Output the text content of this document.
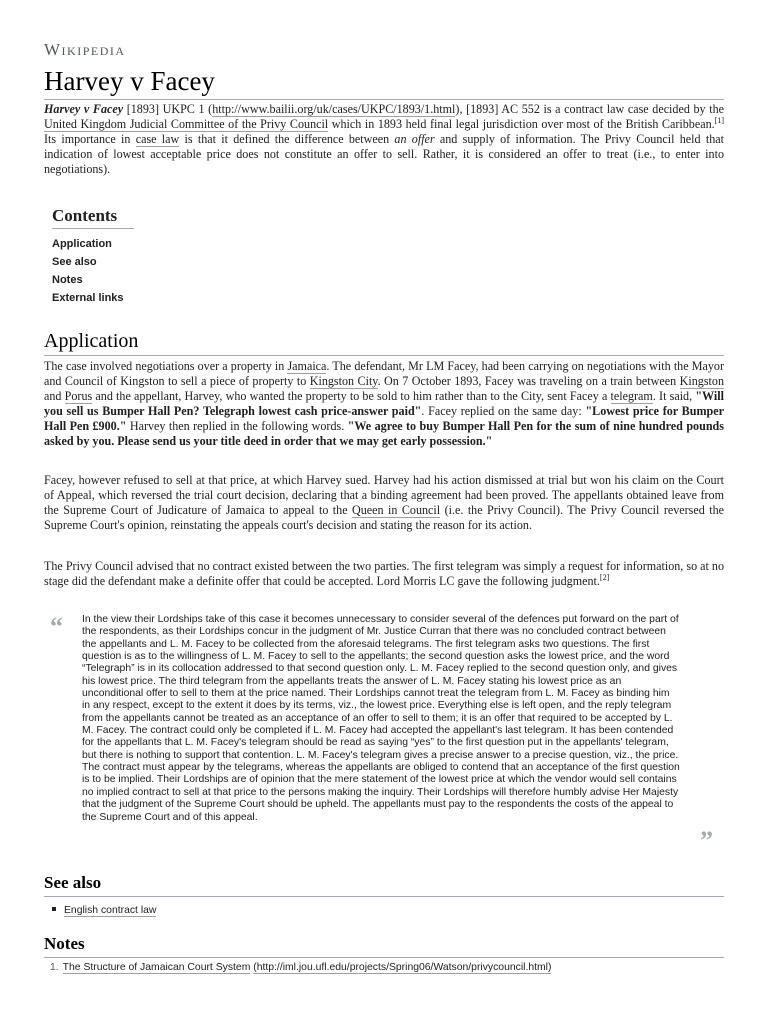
Wikipedia
Harvey v Facey

Harvey v Facey [1893] UKPC 1 (http://www.bailii.org/uk/cases/UKPC/1893/1.html), [1893] AC 552 is a contract law case decided by the United Kingdom Judicial Committee of the Privy Council which in 1893 held final legal jurisdiction over most of the British Caribbean.[1] Its importance in case law is that it defined the difference between an offer and supply of information. The Privy Council held that indication of lowest acceptable price does not constitute an offer to sell. Rather, it is considered an offer to treat (i.e., to enter into negotiations).

Contents
Application
See also
Notes
External links
Application

The case involved negotiations over a property in Jamaica. The defendant, Mr LM Facey, had been carrying on negotiations with the Mayor and Council of Kingston to sell a piece of property to Kingston City. On 7 October 1893, Facey was traveling on a train between Kingston and Porus and the appellant, Harvey, who wanted the property to be sold to him rather than to the City, sent Facey a telegram. It said, "Will you sell us Bumper Hall Pen? Telegraph lowest cash price-answer paid". Facey replied on the same day: "Lowest price for Bumper Hall Pen £900." Harvey then replied in the following words. "We agree to buy Bumper Hall Pen for the sum of nine hundred pounds asked by you. Please send us your title deed in order that we may get early possession."

Facey, however refused to sell at that price, at which Harvey sued. Harvey had his action dismissed at trial but won his claim on the Court of Appeal, which reversed the trial court decision, declaring that a binding agreement had been proved. The appellants obtained leave from the Supreme Court of Judicature of Jamaica to appeal to the Queen in Council (i.e. the Privy Council). The Privy Council reversed the Supreme Court's opinion, reinstating the appeals court's decision and stating the reason for its action.

The Privy Council advised that no contract existed between the two parties. The first telegram was simply a request for information, so at no stage did the defendant make a definite offer that could be accepted. Lord Morris LC gave the following judgment.[2]

“ In the view their Lordships take of this case it becomes unnecessary to consider several of the defences put forward on the part of the respondents, as their Lordships concur in the judgment of Mr. Justice Curran that there was no concluded contract between the appellants and L. M. Facey to be collected from the aforesaid telegrams. The first telegram asks two questions. The first question is as to the willingness of L. M. Facey to sell to the appellants; the second question asks the lowest price, and the word “Telegraph” is in its collocation addressed to that second question only. L. M. Facey replied to the second question only, and gives his lowest price. The third telegram from the appellants treats the answer of L. M. Facey stating his lowest price as an unconditional offer to sell to them at the price named. Their Lordships cannot treat the telegram from L. M. Facey as binding him in any respect, except to the extent it does by its terms, viz., the lowest price. Everything else is left open, and the reply telegram from the appellants cannot be treated as an acceptance of an offer to sell to them; it is an offer that required to be accepted by L. M. Facey. The contract could only be completed if L. M. Facey had accepted the appellant's last telegram. It has been contended for the appellants that L. M. Facey's telegram should be read as saying “yes” to the first question put in the appellants' telegram, but there is nothing to support that contention. L. M. Facey's telegram gives a precise answer to a precise question, viz., the price. The contract must appear by the telegrams, whereas the appellants are obliged to contend that an acceptance of the first question is to be implied. Their Lordships are of opinion that the mere statement of the lowest price at which the vendor would sell contains no implied contract to sell at that price to the persons making the inquiry. Their Lordships will therefore humbly advise Her Majesty that the judgment of the Supreme Court should be upheld. The appellants must pay to the respondents the costs of the appeal to the Supreme Court and of this appeal.

”
See also
English contract law
Notes
1. The Structure of Jamaican Court System (http://iml.jou.ufl.edu/projects/Spring06/Watson/privycouncil.html)
